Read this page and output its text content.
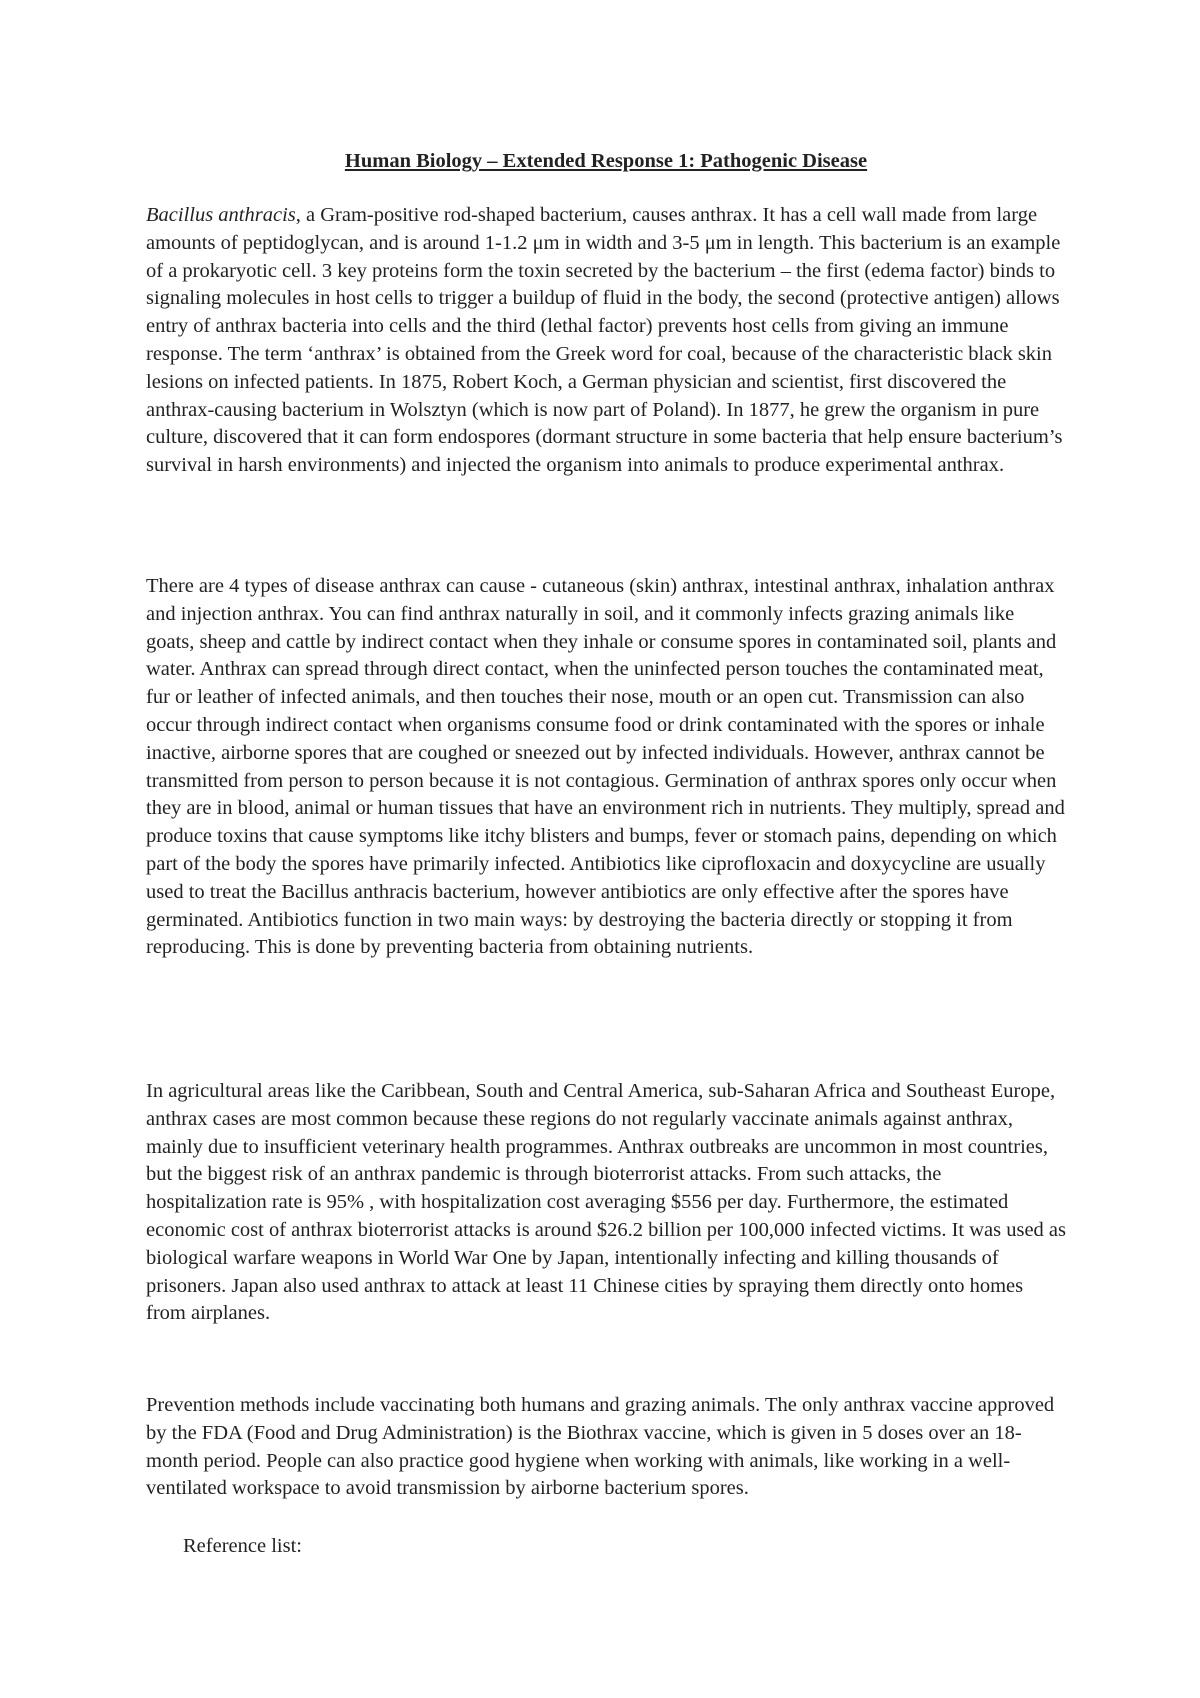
Human Biology – Extended Response 1: Pathogenic Disease

Bacillus anthracis, a Gram-positive rod-shaped bacterium, causes anthrax. It has a cell wall made from large amounts of peptidoglycan, and is around 1-1.2 μm in width and 3-5 μm in length. This bacterium is an example of a prokaryotic cell. 3 key proteins form the toxin secreted by the bacterium – the first (edema factor) binds to signaling molecules in host cells to trigger a buildup of fluid in the body, the second (protective antigen) allows entry of anthrax bacteria into cells and the third (lethal factor) prevents host cells from giving an immune response. The term ‘anthrax’ is obtained from the Greek word for coal, because of the characteristic black skin lesions on infected patients. In 1875, Robert Koch, a German physician and scientist, first discovered the anthrax-causing bacterium in Wolsztyn (which is now part of Poland). In 1877, he grew the organism in pure culture, discovered that it can form endospores (dormant structure in some bacteria that help ensure bacterium’s survival in harsh environments) and injected the organism into animals to produce experimental anthrax.

There are 4 types of disease anthrax can cause - cutaneous (skin) anthrax, intestinal anthrax, inhalation anthrax and injection anthrax. You can find anthrax naturally in soil, and it commonly infects grazing animals like goats, sheep and cattle by indirect contact when they inhale or consume spores in contaminated soil, plants and water. Anthrax can spread through direct contact, when the uninfected person touches the contaminated meat, fur or leather of infected animals, and then touches their nose, mouth or an open cut. Transmission can also occur through indirect contact when organisms consume food or drink contaminated with the spores or inhale inactive, airborne spores that are coughed or sneezed out by infected individuals. However, anthrax cannot be transmitted from person to person because it is not contagious. Germination of anthrax spores only occur when they are in blood, animal or human tissues that have an environment rich in nutrients. They multiply, spread and produce toxins that cause symptoms like itchy blisters and bumps, fever or stomach pains, depending on which part of the body the spores have primarily infected. Antibiotics like ciprofloxacin and doxycycline are usually used to treat the Bacillus anthracis bacterium, however antibiotics are only effective after the spores have germinated. Antibiotics function in two main ways: by destroying the bacteria directly or stopping it from reproducing. This is done by preventing bacteria from obtaining nutrients.

In agricultural areas like the Caribbean, South and Central America, sub-Saharan Africa and Southeast Europe, anthrax cases are most common because these regions do not regularly vaccinate animals against anthrax, mainly due to insufficient veterinary health programmes. Anthrax outbreaks are uncommon in most countries, but the biggest risk of an anthrax pandemic is through bioterrorist attacks. From such attacks, the hospitalization rate is 95% , with hospitalization cost averaging $556 per day. Furthermore, the estimated economic cost of anthrax bioterrorist attacks is around $26.2 billion per 100,000 infected victims. It was used as biological warfare weapons in World War One by Japan, intentionally infecting and killing thousands of prisoners. Japan also used anthrax to attack at least 11 Chinese cities by spraying them directly onto homes from airplanes.

Prevention methods include vaccinating both humans and grazing animals. The only anthrax vaccine approved by the FDA (Food and Drug Administration) is the Biothrax vaccine, which is given in 5 doses over an 18-month period. People can also practice good hygiene when working with animals, like working in a well-ventilated workspace to avoid transmission by airborne bacterium spores.

Reference list:
